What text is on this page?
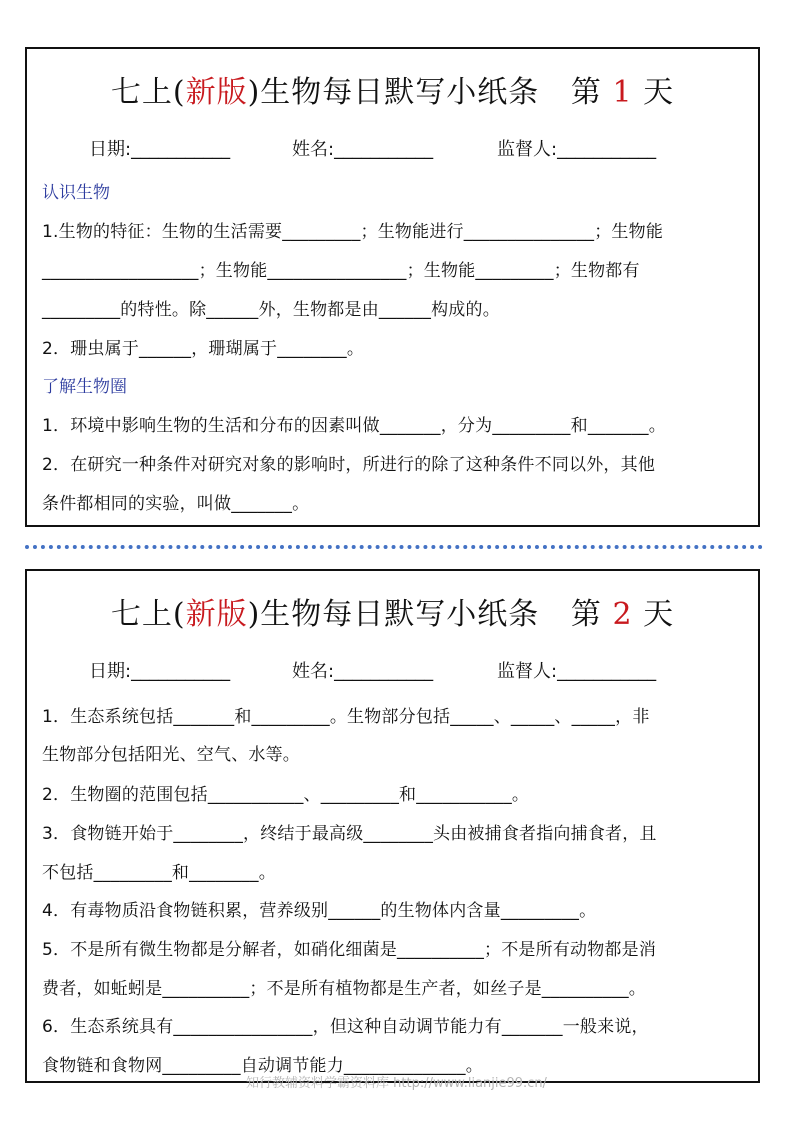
七上(新版)生物每日默写小纸条 第 1 天
日期:___________	姓名:___________	监督人:___________
认识生物
1.生物的特征：生物的生活需要_________；生物能进行_______________；生物能
__________________；生物能________________；生物能_________；生物都有
_________的特性。除______外，生物都是由______构成的。
2．珊虫属于______，珊瑚属于________。
了解生物圈
1．环境中影响生物的生活和分布的因素叫做_______，分为_________和_______。
2．在研究一种条件对研究对象的影响时，所进行的除了这种条件不同以外，其他
条件都相同的实验，叫做_______。
七上(新版)生物每日默写小纸条 第 2 天
日期:___________	姓名:___________	监督人:___________
1．生态系统包括_______和_________。生物部分包括_____、_____、_____，非
生物部分包括阳光、空气、水等。
2．生物圈的范围包括___________、_________和___________。
3．食物链开始于________，终结于最高级________头由被捕食者指向捕食者，且
不包括_________和________。
4．有毒物质沿食物链积累，营养级别______的生物体内含量_________。
5．不是所有微生物都是分解者，如硝化细菌是__________；不是所有动物都是消
费者，如蚯蚓是__________；不是所有植物都是生产者，如丝子是__________。
6．生态系统具有________________，但这种自动调节能力有_______一般来说，
食物链和食物网_________自动调节能力______________。
知行教辅资料学霸资料库 http://www.lianjie99.cn/
